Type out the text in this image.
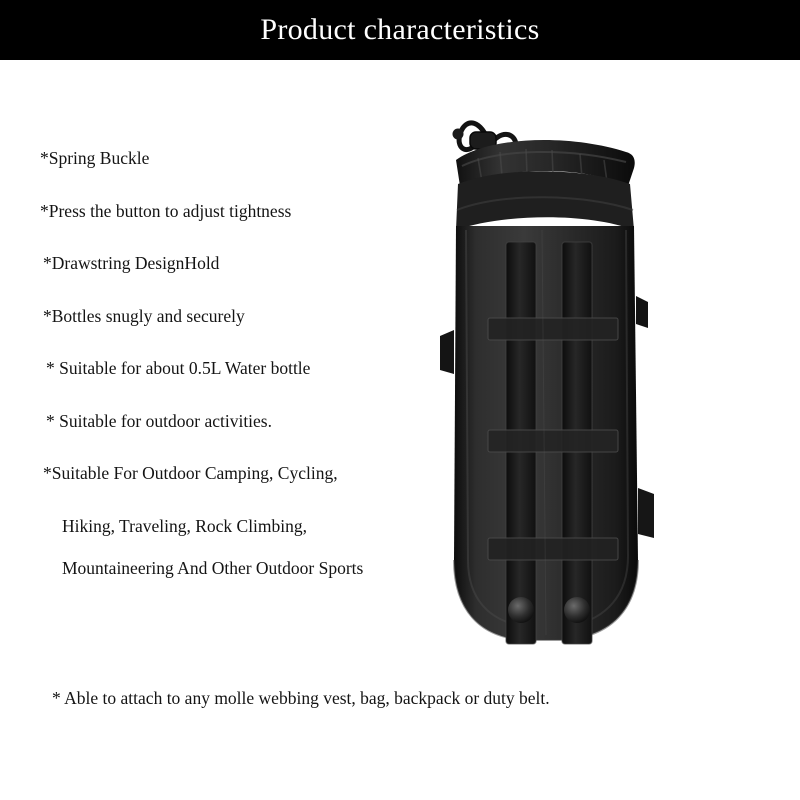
Product characteristics
*Spring Buckle
*Press the button to adjust tightness
*Drawstring DesignHold
*Bottles snugly and securely
* Suitable for about 0.5L Water bottle
* Suitable for outdoor activities.
*Suitable For Outdoor Camping, Cycling,
Hiking, Traveling, Rock Climbing,
Mountaineering And Other Outdoor Sports
* Able to attach to any molle webbing vest, bag, backpack or duty belt.
